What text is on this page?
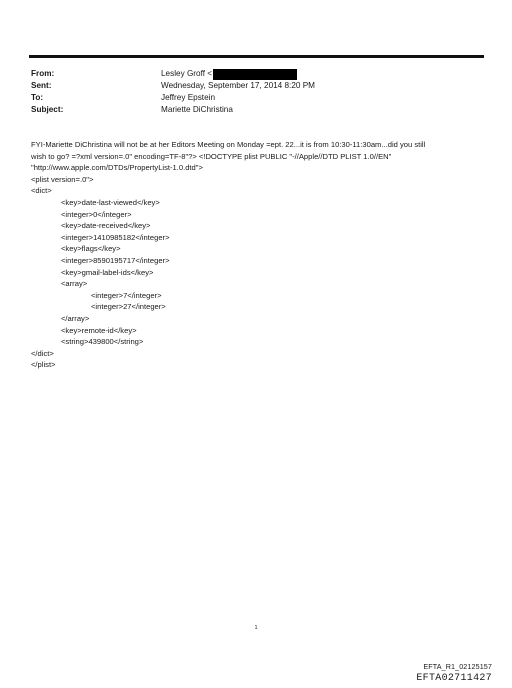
From:	Lesley Groff <
Sent:	Wednesday, September 17, 2014 8:20 PM
To:	Jeffrey Epstein
Subject:	Mariette DiChristina
FYI-Mariette DiChristina will not be at her Editors Meeting on Monday =ept. 22...it is from 10:30-11:30am...did you still
wish to go? =?xml version=.0" encoding=TF-8"?> <!DOCTYPE plist PUBLIC "-//Apple//DTD PLIST 1.0//EN"
"http://www.apple.com/DTDs/PropertyList-1.0.dtd">
<plist version=.0">
<dict>
<key>date-last-viewed</key>
<integer>0</integer>
<key>date-received</key>
<integer>1410985182</integer>
<key>flags</key>
<integer>8590195717</integer>
<key>gmail-label-ids</key>
<array>
<integer>7</integer>
<integer>27</integer>
</array>
<key>remote-id</key>
<string>439800</string>
</dict>
</plist>
1
EFTA_R1_02125157
EFTA02711427
